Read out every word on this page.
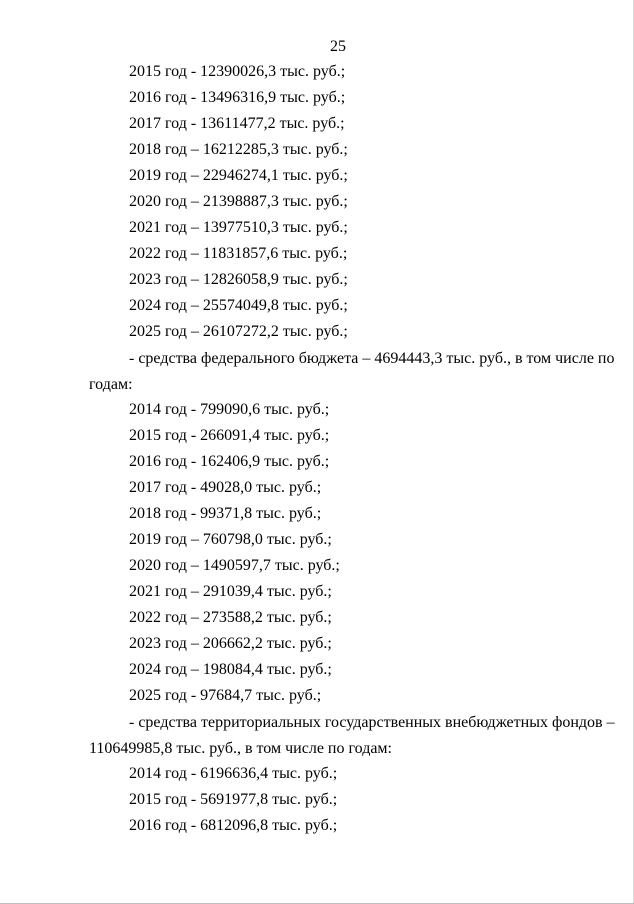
25
2015 год - 12390026,3 тыс. руб.;
2016 год - 13496316,9 тыс. руб.;
2017 год - 13611477,2 тыс. руб.;
2018 год – 16212285,3 тыс. руб.;
2019 год – 22946274,1 тыс. руб.;
2020 год – 21398887,3 тыс. руб.;
2021 год – 13977510,3 тыс. руб.;
2022 год – 11831857,6 тыс. руб.;
2023 год – 12826058,9 тыс. руб.;
2024 год – 25574049,8 тыс. руб.;
2025 год – 26107272,2 тыс. руб.;
- средства федерального бюджета – 4694443,3 тыс. руб., в том числе по
годам:
2014 год - 799090,6 тыс. руб.;
2015 год - 266091,4 тыс. руб.;
2016 год - 162406,9 тыс. руб.;
2017 год - 49028,0 тыс. руб.;
2018 год - 99371,8 тыс. руб.;
2019 год – 760798,0 тыс. руб.;
2020 год – 1490597,7 тыс. руб.;
2021 год – 291039,4 тыс. руб.;
2022 год – 273588,2 тыс. руб.;
2023 год – 206662,2 тыс. руб.;
2024 год – 198084,4 тыс. руб.;
2025 год - 97684,7 тыс. руб.;
- средства территориальных государственных внебюджетных фондов –
110649985,8 тыс. руб., в том числе по годам:
2014 год - 6196636,4 тыс. руб.;
2015 год - 5691977,8 тыс. руб.;
2016 год - 6812096,8 тыс. руб.;
